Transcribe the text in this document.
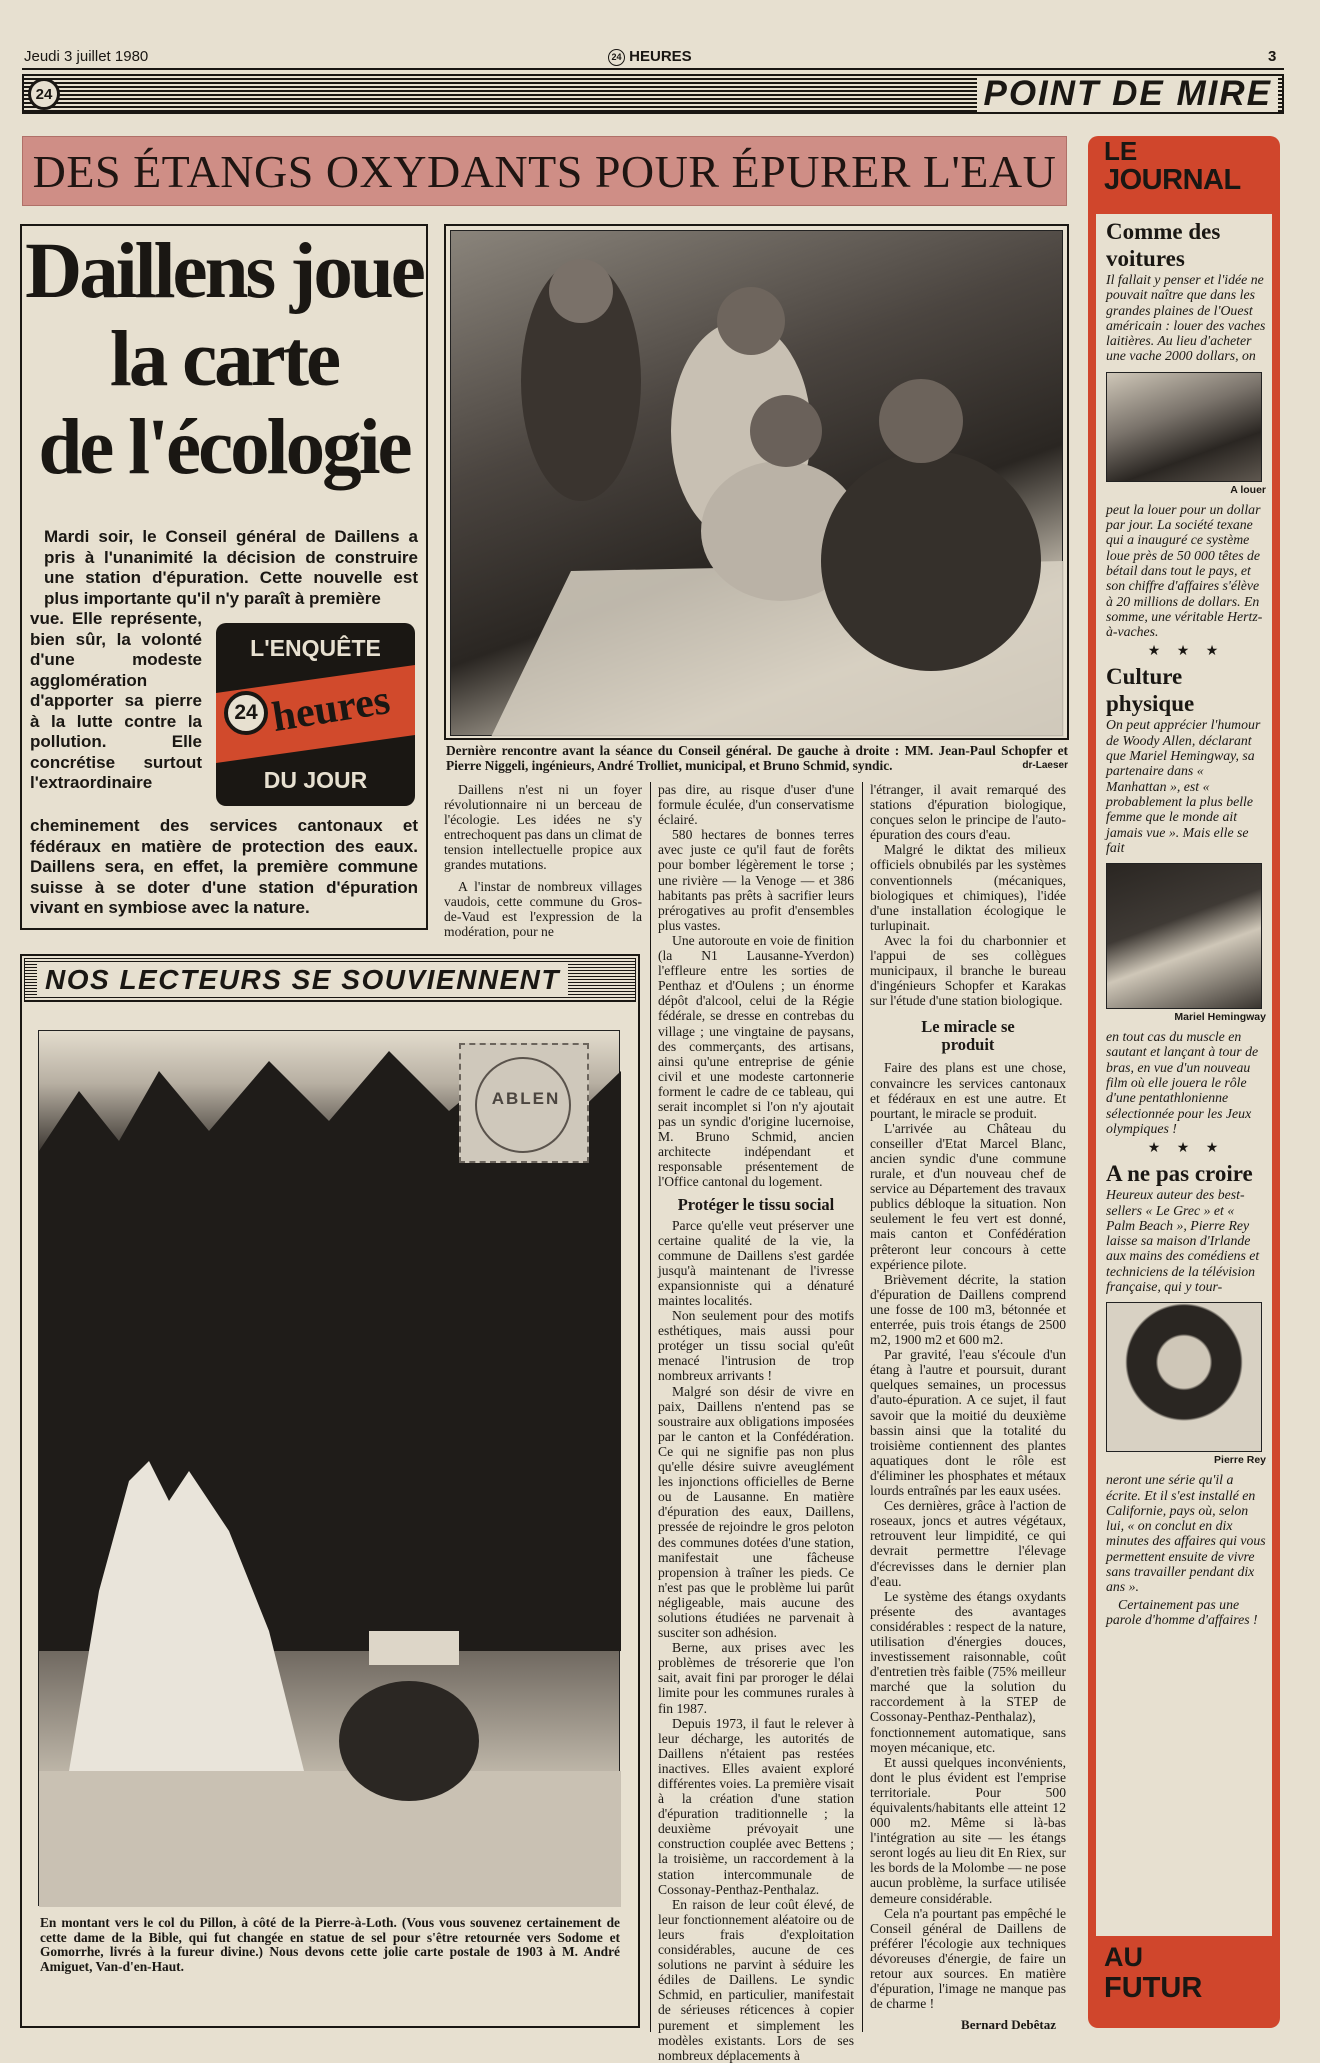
Jeudi 3 juillet 1980	24 HEURES	3
24	POINT DE MIRE
DES ÉTANGS OXYDANTS POUR ÉPURER L'EAU
Daillens joue
la carte
de l'écologie
Mardi soir, le Conseil général de Daillens a pris à l'unanimité la décision de construire une station d'épuration. Cette nouvelle est plus importante qu'il n'y paraît à première
vue. Elle représente, bien sûr, la volonté d'une modeste agglomération d'apporter sa pierre à la lutte contre la pollution. Elle concrétise surtout l'extraordinaire
cheminement des services cantonaux et fédéraux en matière de protection des eaux. Daillens sera, en effet, la première commune suisse à se doter d'une station d'épuration vivant en symbiose avec la nature.
L'ENQUÊTE
24 heures
DU JOUR
Dernière rencontre avant la séance du Conseil général. De gauche à droite : MM. Jean-Paul Schopfer et Pierre Niggeli, ingénieurs, André Trolliet, municipal, et Bruno Schmid, syndic.	dr-Laeser

Daillens n'est ni un foyer révolutionnaire ni un berceau de l'écologie. Les idées ne s'y entrechoquent pas dans un climat de tension intellectuelle propice aux grandes mutations.

A l'instar de nombreux villages vaudois, cette commune du Gros-de-Vaud est l'expression de la modération, pour ne

pas dire, au risque d'user d'une formule éculée, d'un conservatisme éclairé.

580 hectares de bonnes terres avec juste ce qu'il faut de forêts pour bomber légèrement le torse ; une rivière — la Venoge — et 386 habitants pas prêts à sacrifier leurs prérogatives au profit d'ensembles plus vastes.

Une autoroute en voie de finition (la N1 Lausanne-Yverdon) l'effleure entre les sorties de Penthaz et d'Oulens ; un énorme dépôt d'alcool, celui de la Régie fédérale, se dresse en contrebas du village ; une vingtaine de paysans, des commerçants, des artisans, ainsi qu'une entreprise de génie civil et une modeste cartonnerie forment le cadre de ce tableau, qui serait incomplet si l'on n'y ajoutait pas un syndic d'origine lucernoise, M. Bruno Schmid, ancien architecte indépendant et responsable présentement de l'Office cantonal du logement.

Protéger le tissu social

Parce qu'elle veut préserver une certaine qualité de la vie, la commune de Daillens s'est gardée jusqu'à maintenant de l'ivresse expansionniste qui a dénaturé maintes localités.

Non seulement pour des motifs esthétiques, mais aussi pour protéger un tissu social qu'eût menacé l'intrusion de trop nombreux arrivants !

Malgré son désir de vivre en paix, Daillens n'entend pas se soustraire aux obligations imposées par le canton et la Confédération. Ce qui ne signifie pas non plus qu'elle désire suivre aveuglément les injonctions officielles de Berne ou de Lausanne. En matière d'épuration des eaux, Daillens, pressée de rejoindre le gros peloton des communes dotées d'une station, manifestait une fâcheuse propension à traîner les pieds. Ce n'est pas que le problème lui parût négligeable, mais aucune des solutions étudiées ne parvenait à susciter son adhésion.

Berne, aux prises avec les problèmes de trésorerie que l'on sait, avait fini par proroger le délai limite pour les communes rurales à fin 1987.

Depuis 1973, il faut le relever à leur décharge, les autorités de Daillens n'étaient pas restées inactives. Elles avaient exploré différentes voies. La première visait à la création d'une station d'épuration traditionnelle ; la deuxième prévoyait une construction couplée avec Bettens ; la troisième, un raccordement à la station intercommunale de Cossonay-Penthaz-Penthalaz.

En raison de leur coût élevé, de leur fonctionnement aléatoire ou de leurs frais d'exploitation considérables, aucune de ces solutions ne parvint à séduire les édiles de Daillens. Le syndic Schmid, en particulier, manifestait de sérieuses réticences à copier purement et simplement les modèles existants. Lors de ses nombreux déplacements à

l'étranger, il avait remarqué des stations d'épuration biologique, conçues selon le principe de l'auto-épuration des cours d'eau.

Malgré le diktat des milieux officiels obnubilés par les systèmes conventionnels (mécaniques, biologiques et chimiques), l'idée d'une installation écologique le turlupinait.

Avec la foi du charbonnier et l'appui de ses collègues municipaux, il branche le bureau d'ingénieurs Schopfer et Karakas sur l'étude d'une station biologique.

Le miracle se produit

Faire des plans est une chose, convaincre les services cantonaux et fédéraux en est une autre. Et pourtant, le miracle se produit.

L'arrivée au Château du conseiller d'Etat Marcel Blanc, ancien syndic d'une commune rurale, et d'un nouveau chef de service au Département des travaux publics débloque la situation. Non seulement le feu vert est donné, mais canton et Confédération prêteront leur concours à cette expérience pilote.

Brièvement décrite, la station d'épuration de Daillens comprend une fosse de 100 m3, bétonnée et enterrée, puis trois étangs de 2500 m2, 1900 m2 et 600 m2.

Par gravité, l'eau s'écoule d'un étang à l'autre et poursuit, durant quelques semaines, un processus d'auto-épuration. A ce sujet, il faut savoir que la moitié du deuxième bassin ainsi que la totalité du troisième contiennent des plantes aquatiques dont le rôle est d'éliminer les phosphates et métaux lourds entraînés par les eaux usées.

Ces dernières, grâce à l'action de roseaux, joncs et autres végétaux, retrouvent leur limpidité, ce qui devrait permettre l'élevage d'écrevisses dans le dernier plan d'eau.

Le système des étangs oxydants présente des avantages considérables : respect de la nature, utilisation d'énergies douces, investissement raisonnable, coût d'entretien très faible (75% meilleur marché que la solution du raccordement à la STEP de Cossonay-Penthaz-Penthalaz), fonctionnement automatique, sans moyen mécanique, etc.

Et aussi quelques inconvénients, dont le plus évident est l'emprise territoriale. Pour 500 équivalents/habitants elle atteint 12 000 m2. Même si là-bas l'intégration au site — les étangs seront logés au lieu dit En Riex, sur les bords de la Molombe — ne pose aucun problème, la surface utilisée demeure considérable.

Cela n'a pourtant pas empêché le Conseil général de Daillens de préférer l'écologie aux techniques dévoreuses d'énergie, de faire un retour aux sources. En matière d'épuration, l'image ne manque pas de charme !

Bernard Debêtaz
NOS LECTEURS SE SOUVIENNENT
ABLEN
En montant vers le col du Pillon, à côté de la Pierre-à-Loth. (Vous vous souvenez certainement de cette dame de la Bible, qui fut changée en statue de sel pour s'être retournée vers Sodome et Gomorrhe, livrés à la fureur divine.) Nous devons cette jolie carte postale de 1903 à M. André Amiguet, Van-d'en-Haut.
LE
JOURNAL
Comme des voitures
Il fallait y penser et l'idée ne pouvait naître que dans les grandes plaines de l'Ouest américain : louer des vaches laitières. Au lieu d'acheter une vache 2000 dollars, on
A louer
peut la louer pour un dollar par jour. La société texane qui a inauguré ce système loue près de 50 000 têtes de bétail dans tout le pays, et son chiffre d'affaires s'élève à 20 millions de dollars. En somme, une véritable Hertz-à-vaches.
★ ★ ★
Culture physique
On peut apprécier l'humour de Woody Allen, déclarant que Mariel Hemingway, sa partenaire dans « Manhattan », est « probablement la plus belle femme que le monde ait jamais vue ». Mais elle se fait
Mariel Hemingway
en tout cas du muscle en sautant et lançant à tour de bras, en vue d'un nouveau film où elle jouera le rôle d'une pentathlonienne sélectionnée pour les Jeux olympiques !
★ ★ ★
A ne pas croire
Heureux auteur des best-sellers « Le Grec » et « Palm Beach », Pierre Rey laisse sa maison d'Irlande aux mains des comédiens et techniciens de la télévision française, qui y tour-
Pierre Rey
neront une série qu'il a écrite. Et il s'est installé en Californie, pays où, selon lui, « on conclut en dix minutes des affaires qui vous permettent ensuite de vivre sans travailler pendant dix ans ».
Certainement pas une parole d'homme d'affaires !
AU
FUTUR
